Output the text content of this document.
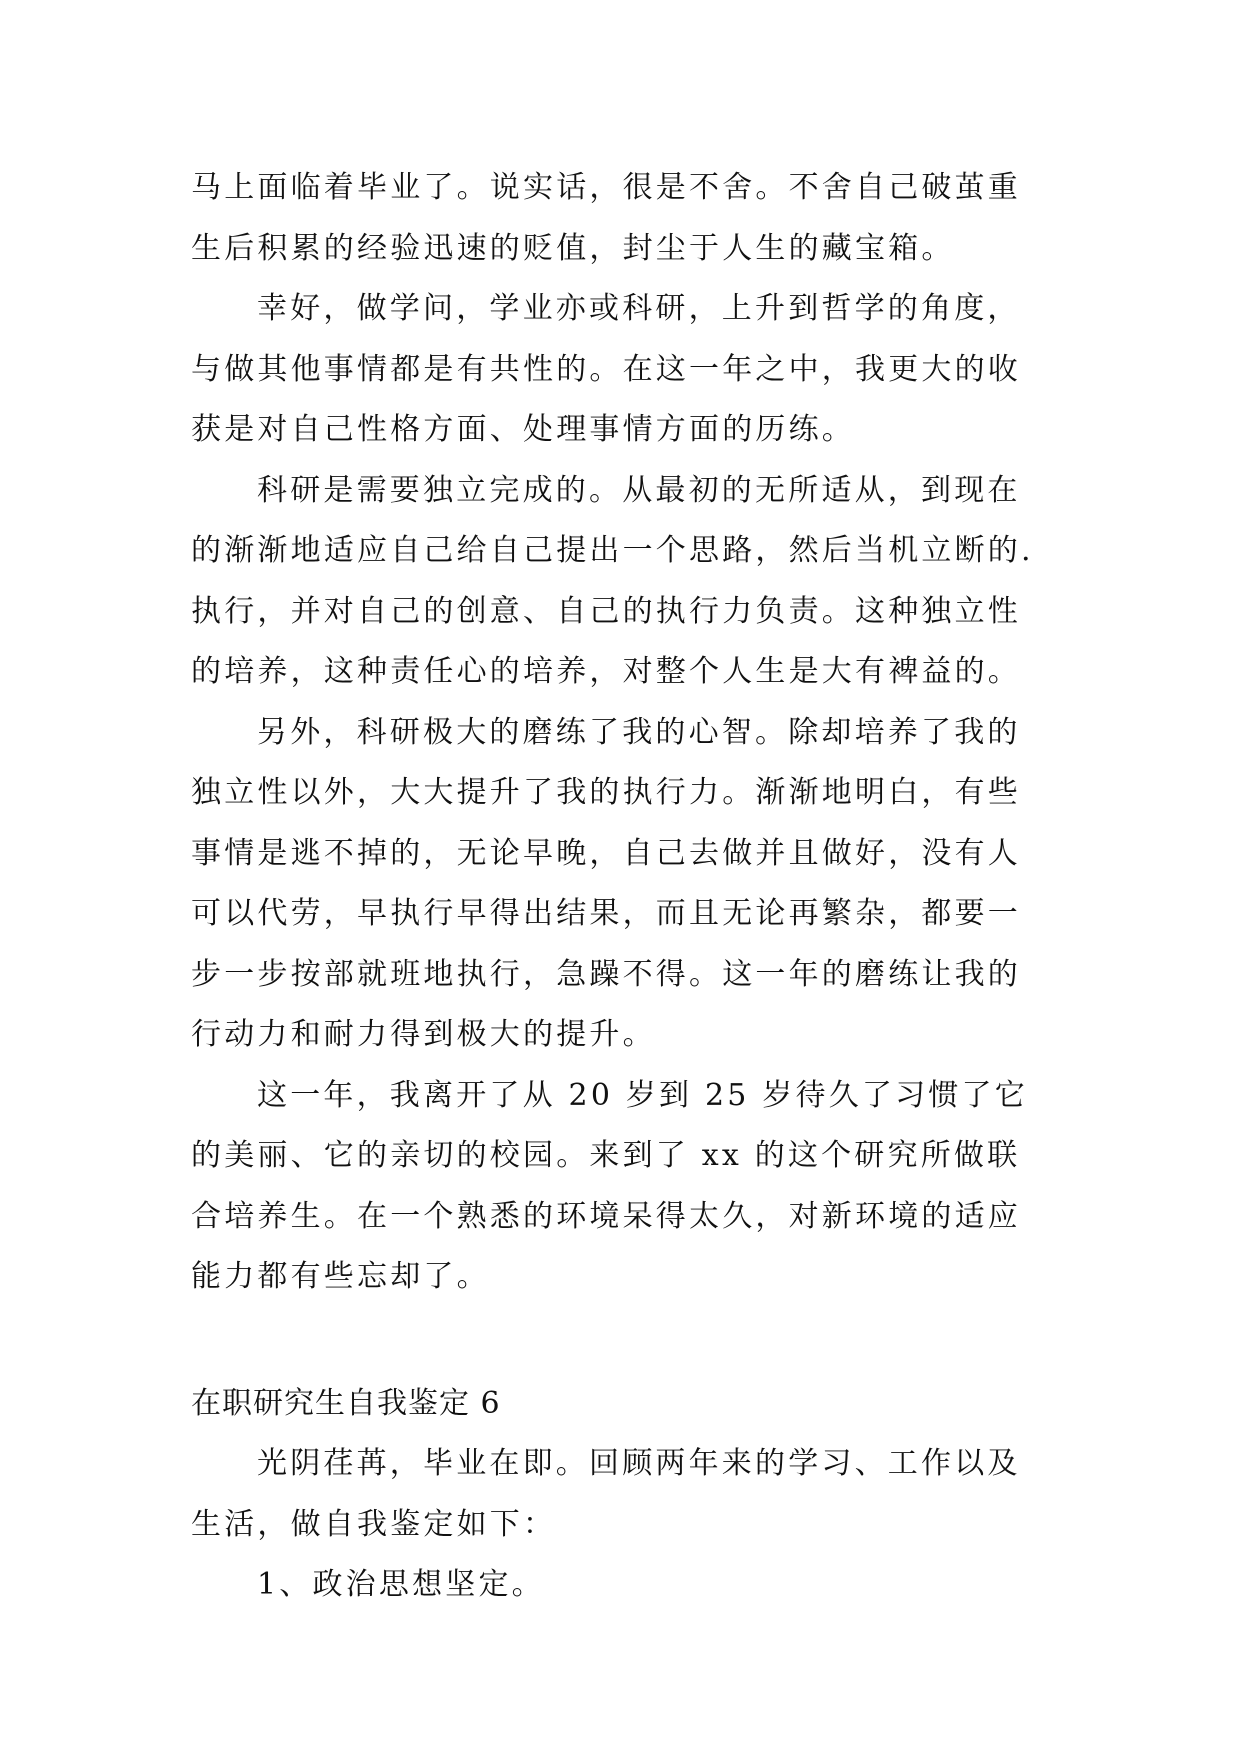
马上面临着毕业了。说实话，很是不舍。不舍自己破茧重生后积累的经验迅速的贬值，封尘于人生的藏宝箱。

幸好，做学问，学业亦或科研，上升到哲学的角度，与做其他事情都是有共性的。在这一年之中，我更大的收获是对自己性格方面、处理事情方面的历练。

科研是需要独立完成的。从最初的无所适从，到现在的渐渐地适应自己给自己提出一个思路，然后当机立断的.执行，并对自己的创意、自己的执行力负责。这种独立性的培养，这种责任心的培养，对整个人生是大有裨益的。

另外，科研极大的磨练了我的心智。除却培养了我的独立性以外，大大提升了我的执行力。渐渐地明白，有些事情是逃不掉的，无论早晚，自己去做并且做好，没有人可以代劳，早执行早得出结果，而且无论再繁杂，都要一步一步按部就班地执行，急躁不得。这一年的磨练让我的行动力和耐力得到极大的提升。

这一年，我离开了从 20 岁到 25 岁待久了习惯了它的美丽、它的亲切的校园。来到了 xx 的这个研究所做联合培养生。在一个熟悉的环境呆得太久，对新环境的适应能力都有些忘却了。

在职研究生自我鉴定 6

光阴荏苒，毕业在即。回顾两年来的学习、工作以及生活，做自我鉴定如下：

1、政治思想坚定。
